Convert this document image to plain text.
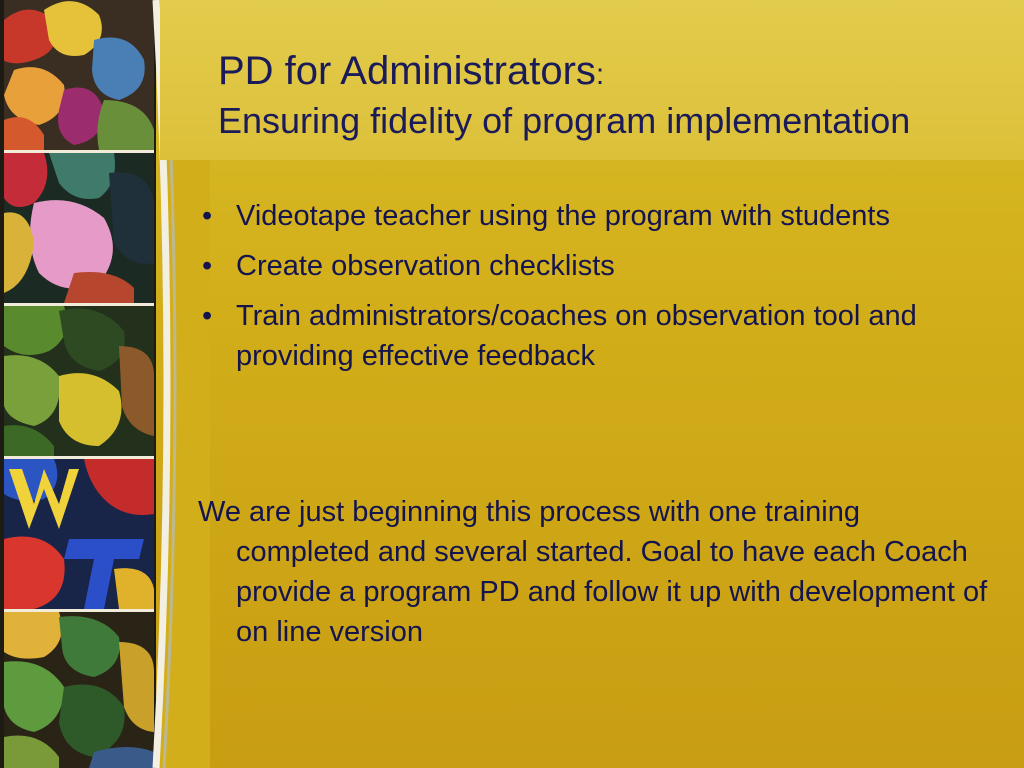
PD for Administrators:
Ensuring fidelity of program implementation
• Videotape teacher using the program with students
• Create observation checklists
• Train administrators/coaches on observation tool and providing effective feedback
We are just beginning this process with one training completed and several started. Goal to have each Coach provide a program PD and follow it up with development of on line version
